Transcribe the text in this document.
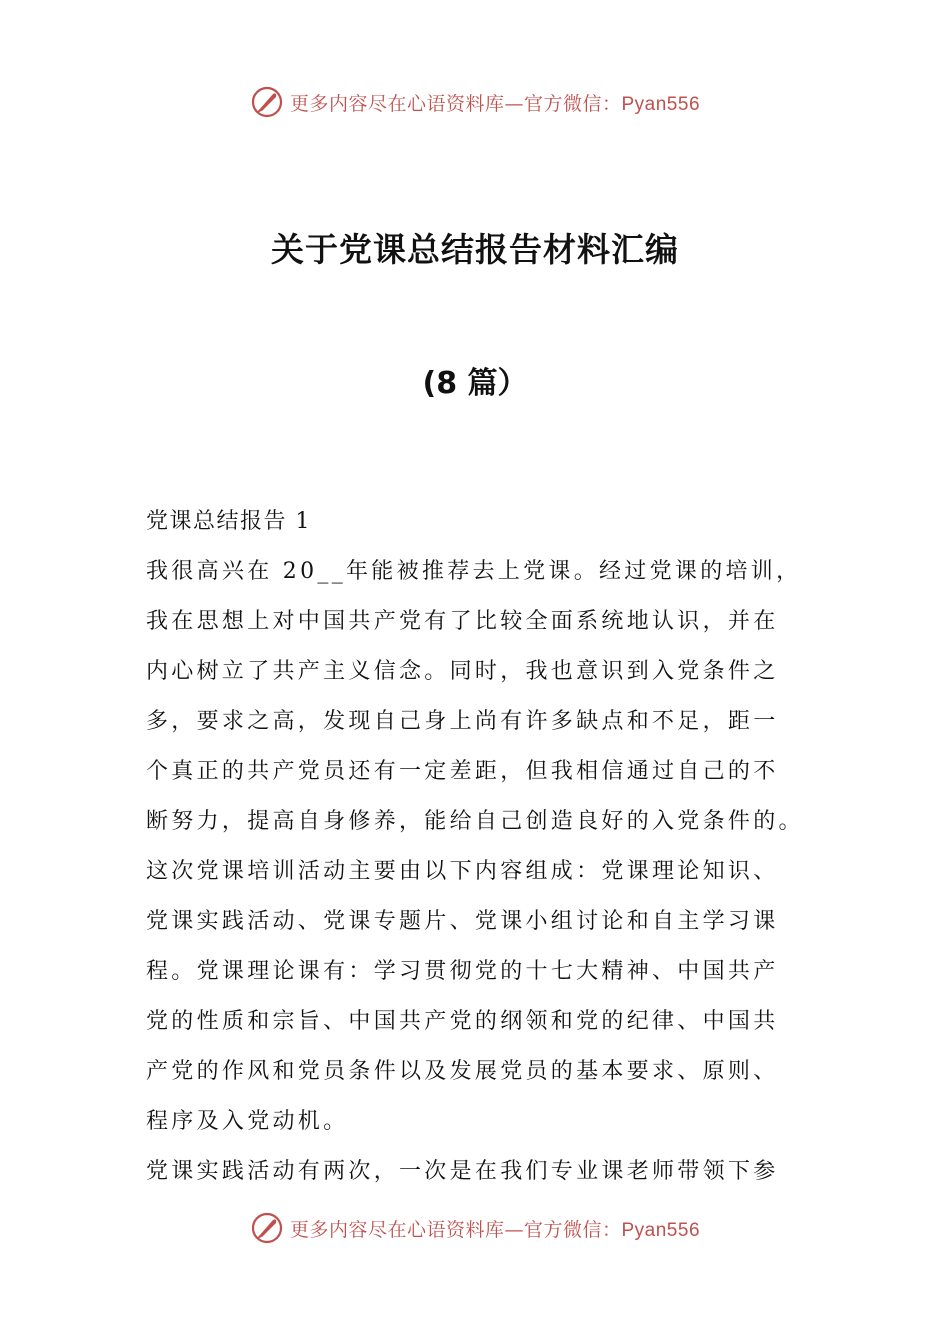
更多内容尽在心语资料库—官方微信：Pyan556
关于党课总结报告材料汇编
(8 篇）
党课总结报告 1
我很高兴在 20__年能被推荐去上党课。经过党课的培训，
我在思想上对中国共产党有了比较全面系统地认识，并在
内心树立了共产主义信念。同时，我也意识到入党条件之
多，要求之高，发现自己身上尚有许多缺点和不足，距一
个真正的共产党员还有一定差距，但我相信通过自己的不
断努力，提高自身修养，能给自己创造良好的入党条件的。
这次党课培训活动主要由以下内容组成：党课理论知识、
党课实践活动、党课专题片、党课小组讨论和自主学习课
程。党课理论课有：学习贯彻党的十七大精神、中国共产
党的性质和宗旨、中国共产党的纲领和党的纪律、中国共
产党的作风和党员条件以及发展党员的基本要求、原则、
程序及入党动机。
党课实践活动有两次，一次是在我们专业课老师带领下参
更多内容尽在心语资料库—官方微信：Pyan556
